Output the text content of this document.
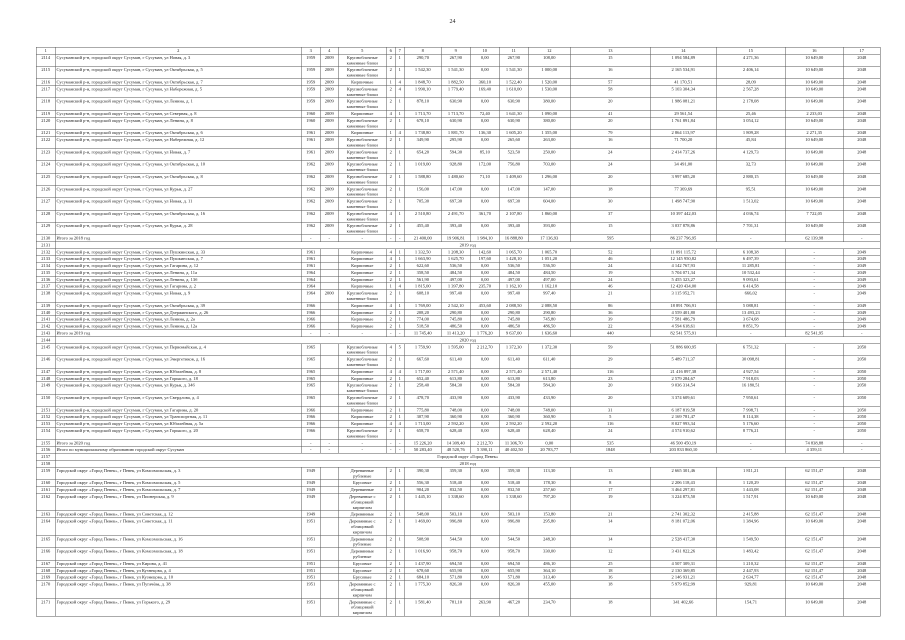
24
1	2	3	4	5	6	7	8	9	10	11	12	13	14	15	16	17
2114	Сусуманский р-н, городской округ Сусуман, г Сусуман, ул Новая, д. 3	1959	2009	Крупноблочные
каменные блоки	2	1	290,70	267,90	0,00	267,90	108,00	15	1 094 584,89	4 271,36	10 649,00	2048
2115	Сусуманский р-н, городской округ Сусуман, г Сусуман, ул Октябрьская, д. 5	1959	2009	Крупноблочные
каменные блоки	2	1	1 542,30	1 541,30	0,00	1 541,30	1 000,00	16	2 165 534,91	2 406,14	10 649,00	2048
2116	Сусуманский р-н, городской округ Сусуман, г Сусуман, ул Октябрьская, д. 7	1959	2009	Кирпичные	1	4	1 848,70	1 882,50	360,10	1 522,40	1 520,00	57	41 170,51	28,09	10 649,00	2048
2117	Сусуманский р-н, городской округ Сусуман, г Сусуман, ул Набережная, д. 5	1959	2009	Крупноблочные
каменные блоки	2	4	1 990,10	1 779,40	169,40	1 610,00	1 530,00	58	5 103 304,34	2 567,28	10 649,00	2048
2118	Сусуманский р-н, городской округ Сусуман, г Сусуман, ул Ленина, д. 1	1959	2009	Крупноблочные
каменные блоки	2	1	878,10	630,90	0,00	630,90	380,00	20	1 986 081,21	2 178,08	10 649,00	2048
2119	Сусуманский р-н, городской округ Сусуман, г Сусуман, ул Северная, д. 8	1960	2009	Кирпичные	4	1	1 713,70	1 713,70	72,40	1 641,30	1 090,00	41	29 561,54	25,46	2 233,03	2048
2120	Сусуманский р-н, городской округ Сусуман, г Сусуман, ул Ленина, д. 8	1960	2009	Крупноблочные
каменные блоки	2	1	678,10	630,90	0,00	630,90	380,00	20	1 761 891,84	3 054,12	10 649,00	2048
2121	Сусуманский р-н, городской округ Сусуман, г Сусуман, ул Октябрьская, д. 6	1961	2009	Кирпичные	1	4	1 738,80	1 881,70	136,30	1 605,20	1 355,00	79	2 864 113,97	1 809,28	2 271,35	2048
2122	Сусуманский р-н, городской округ Сусуман, г Сусуман, ул Набережная, д. 12	1961	2009	Крупноблочные
каменные блоки	2	1	349,90	295,90	0,00	265,60	263,00	16	71 700,20	45,84	10 649,00	2048
2123	Сусуманский р-н, городской округ Сусуман, г Сусуман, ул Новая, д. 7	1961	2009	Крупноблочные
каменные блоки	2	1	654,20	594,30	85,10	523,50	250,00	24	2 414 737,26	4 129,73	10 649,00	2048
2124	Сусуманский р-н, городской округ Сусуман, г Сусуман, ул Октябрьская, д. 10	1962	2009	Крупноблочные
каменные блоки	2	1	1 019,00	928,80	172,00	756,80	703,00	24	34 491,00	32,73	10 649,00	2048
2125	Сусуманский р-н, городской округ Сусуман, г Сусуман, ул Октябрьская, д. 8	1962	2009	Крупноблочные
каменные блоки	2	1	1 588,80	1 480,60	71,10	1 409,60	1 296,00	20	3 997 685,20	2 880,15	10 649,00	2048
2126	Сусуманский р-н, городской округ Сусуман, г Сусуман, ул Курьи, д. 27	1962	2009	Крупноблочные
каменные блоки	2	1	156,00	147,00	0,00	147,00	147,00	18	77 369,69	95,51	10 649,00	2048
2127	Сусуманский р-н, городской округ Сусуман, г Сусуман, ул Новая, д. 11	1962	2009	Крупноблочные
каменные блоки	2	1	705,30	697,30	0,00	697,30	604,00	30	1 498 747,90	1 513,02	10 649,00	2048
2128	Сусуманский р-н, городской округ Сусуман, г Сусуман, ул Октябрьская, д. 16	1962	2009	Крупноблочные
каменные блоки	4	1	2 510,80	2 491,70	361,70	2 107,80	1 860,00	37	10 397 442,03	4 036,74	7 722,05	2048
2129	Сусуманский р-н, городской округ Сусуман, г Сусуман, ул Курьи, д. 28	1962	2009	Крупноблочные
каменные блоки	2	1	455,40	393,40	0,00	393,40	393,00	15	3 037 878,86	7 701,31	10 649,00	2048
2130	Итого за 2018 год	-	-	-	-	-	21 400,00	19 906,81	1 984,10	16 888,80	17 136,93	595	86 237 796,95	-	62 139,98	-
2131	2019 год															
2132	Сусуманский р-н, городской округ Сусуман, г Сусуман, ул Пушкинская, д. 33	1961		Кирпичные	4	1	1 332,50	1 208,30	142,60	1 065,70	1 065,70	52	11 091 115,72	6 108,38	-	2049
2133	Сусуманский р-н, городской округ Сусуман, г Сусуман, ул Пушкинская, д. 7	1961		Кирпичные	4	1	1 663,90	1 625,70	197,60	1 428,10	1 051,20	46	12 145 950,82	6 497,39	-	2049
2134	Сусуманский р-н, городской округ Сусуман, г Сусуман, ул Гагарина, д. 12	1961		Кирпичные	2	1	622,60	536,50	0,00	536,50	536,50	24	4 142 767,93	11 285,81	-	2049
2135	Сусуманский р-н, городской округ Сусуман, г Сусуман, ул Ленина, д. 11а	1964		Кирпичные	2	1	358,50	484,50	0,00	484,50	484,50	19	5 704 071,34	10 532,44	-	2049
2136	Сусуманский р-н, городской округ Сусуман, г Сусуман, ул Ленина, д. 13б	1964		Кирпичные	2	1	561,90	497,00	0,00	497,00	497,00	24	5 455 323,27	9 093,61	-	2049
2137	Сусуманский р-н, городской округ Сусуман, г Сусуман, ул Гагарина, д. 2	1964		Кирпичные	1	4	1 815,00	1 397,80	235,70	1 162,10	1 162,10	46	12 420 434,00	6 414,58	-	2049
2138	Сусуманский р-н, городской округ Сусуман, г Сусуман, ул Новая, д. 9	1964	2000	Крупноблочные
каменные блоки	2	1	608,10	997,40	0,00	997,40	997,40	21	3 115 952,71	666,02	-	2049
2139	Сусуманский р-н, городской округ Сусуман, г Сусуман, ул Октябрьская, д. 39	1966		Кирпичные	4	1	1 769,00	2 542,10	453,60	2 088,50	2 088,50	86	18 891 706,91	5 088,81	-	2049
2140	Сусуманский р-н, городской округ Сусуман, г Сусуман, ул Дзержинского, д. 26	1966		Кирпичные	2	1	208,20	290,80	0,00	290,80	290,80	36	4 559 401,80	13 493,23	-	2049
2141	Сусуманский р-н, городской округ Сусуман, г Сусуман, ул Ленина, д. 2а	1966		Кирпичные	2	1	774,00	745,80	0,00	745,80	745,80	39	7 581 486,79	3 674,68	-	2049
2142	Сусуманский р-н, городской округ Сусуман, г Сусуман, ул Ленина, д. 12а	1966		Кирпичные	2	1	518,50	486,50	0,00	486,50	486,50	22	4 594 618,61	8 851,79	-	2049
2143	Итого за 2019 год	-	-	-	-	-	11 745,40	11 413,20	1 776,20	9 637,00	1 636,60	440	82 541 575,91	-	82 541,95	-
2144	2020 год															
2145	Сусуманский р-н, городской округ Сусуман, г Сусуман, ул Первомайская, д. 4	1965		Крупноблочные
каменные блоки	4	5	1 759,90	1 595,00	2 212,70	1 372,30	1 372,30	59	51 886 600,95	6 751,32	-	2050
2146	Сусуманский р-н, городской округ Сусуман, г Сусуман, ул Энергетиков, д. 16	1965		Крупноблочные
каменные блоки	2	1	667,60	611,40	0,00	611,40	611,40	29	5 489 711,37	30 098,81	-	2050
2147	Сусуманский р-н, городской округ Сусуман, г Сусуман, ул Юбилейная, д. 8	1965		Кирпичные	4	4	1 717,00	2 571,40	0,00	2 571,40	2 571,40	116	21 416 897,38	4 927,54	-	2050
2148	Сусуманский р-н, городской округ Сусуман, г Сусуман, ул Горького, д. 18	1965		Кирпичные	2	1	652,40	613,80	0,00	613,80	613,80	23	2 579 284,67	7 918,03	-	2050
2149	Сусуманский р-н, городской округ Сусуман, г Сусуман, ул Курьи, д. 34б	1965		Крупноблочные
каменные блоки	2	1	258,40	584,30	0,00	584,30	584,30	20	9 036 314,54	16 180,51	-	2050
2150	Сусуманский р-н, городской округ Сусуман, г Сусуман, ул Свердлова, д. 4	1965		Крупноблочные
каменные блоки	2	1	478,70	433,90	0,00	433,90	433,90	20	3 374 609,61	7 950,61	-	2050
2151	Сусуманский р-н, городской округ Сусуман, г Сусуман, ул Гагарина, д. 20	1966		Кирпичные	2	1	775,80	748,00	0,00	748,00	748,00	31	6 187 819,58	7 998,71	-	2050
2152	Сусуманский р-н, городской округ Сусуман, г Сусуман, ул Транспортная, д. 11	1966		Кирпичные	2	1	307,90	360,90	0,00	360,90	360,90	5	2 169 781,47	8 114,38	-	2050
2153	Сусуманский р-н, городской округ Сусуман, г Сусуман, ул Юбилейная, д. 5а	1966		Кирпичные	4	4	1 713,00	2 592,20	0,00	2 592,20	2 592,20	116	8 027 993,34	5 176,60	-	2050
2154	Сусуманский р-н, городской округ Сусуман, г Сусуман, ул Горького, д. 20	1966		Крупноблочные
каменные блоки	2	1	658,70	628,40	0,00	628,40	628,40	24	4 574 910,62	8 776,21	-	2050
2155	Итого за 2020 год	-	-	-	-	-	15 226,20	14 309,40	2 212,70	11 306,70	0,00	535	46 500 450,19	-	74 838,88	-
2156	Итого по муниципальному образованию городской округ Сусуман	-	-	-	-	-	50 283,40	48 520,76	5 390,11	40 402,50	20 783,77	1848	203 833 860,10	-	4 359,11	-
2157	Городской округ «Город Певек»															
2158	2018 год															
2159	Городской округ «Город Певек», г Певек, ул Комсомольская, д. 3	1949		Деревянные
рубленые	2	1	390,30	359,30	0,00	359,30	113,30	13	2 665 301,46	1 811,21	62 151,47	2048
2160	Городской округ «Город Певек», г Певек, ул Комсомольская, д. 5	1949		Брусовые	2	1	556,30	518,40	0,00	518,40	178,30	8	2 206 118,43	1 120,29	62 151,47	2048
2161	Городской округ «Город Певек», г Певек, ул Комсомольская, д. 7	1949		Деревянные	2	1	904,20	832,50	0,00	832,50	257,60	17	3 464 297,81	1 443,08	62 151,47	2048
2162	Городской округ «Город Певек», г Певек, ул Пионерская, д. 9	1949		Деревянные с
облицовкой
кирпичом	2	1	1 445,10	1 338,60	0,00	1 338,60	797,20	19	3 224 873,50	1 517,91	10 649,00	2048
2163	Городской округ «Город Певек», г Певек, ул Советская, д. 12	1949		Деревянные	2	1	548,00	503,10	0,00	503,10	153,80	21	2 741 302,32	2 415,88	62 151,47	2048
2164	Городской округ «Город Певек», г Певек, ул Советская, д. 11	1951		Деревянные с
облицовкой
кирпичом	2	1	1 469,00	996,80	0,00	996,80	295,80	14	8 181 072,06	1 384,96	10 649,00	2048
2165	Городской округ «Город Певек», г Певек, ул Комсомольская, д. 16	1951		Деревянные
рубленые	2	1	508,90	544,50	0,00	544,50	248,30	14	2 528 417,30	1 549,50	62 151,47	2048
2166	Городской округ «Город Певек», г Певек, ул Комсомольская, д. 18	1951		Деревянные
рубленые	2	1	1 016,90	958,70	0,00	958,70	330,00	12	3 431 822,26	1 483,42	62 151,47	2048
2167	Городской округ «Город Певек», г Певек, ул Кирова, д. 41	1951		Брусовые	2	1	1 437,90	694,50	0,00	694,50	486,10	25	4 507 309,31	1 210,32	62 151,47	2048
2168	Городской округ «Город Певек», г Певек, ул Кузнецова, д. 4	1951		Брусовые	2	1	678,60	655,90	0,00	655,90	364,10	18	2 130 369,85	2 447,93	62 151,47	2048
2169	Городской округ «Город Певек», г Певек, ул Кузнецова, д. 10	1951		Брусовые	2	1	684,10	571,80	0,00	571,80	313,40	16	2 146 931,21	2 634,77	62 151,47	2048
2170	Городской округ «Город Певек», г Певек, ул Пугачёва, д. 38	1951		Деревянные с
облицовкой
кирпичом	2	1	1 775,30	826,30	0,00	826,30	455,00	18	5 979 852,99	929,81	10 649,00	2048
2171	Городской округ «Город Певек», г Певек, ул Горького, д. 29	1951		Деревянные с
облицовкой
кирпичом	2	1	1 581,40	781,10	263,90	467,20	234,70	18	341 402,66	154,71	10 649,00	2048
